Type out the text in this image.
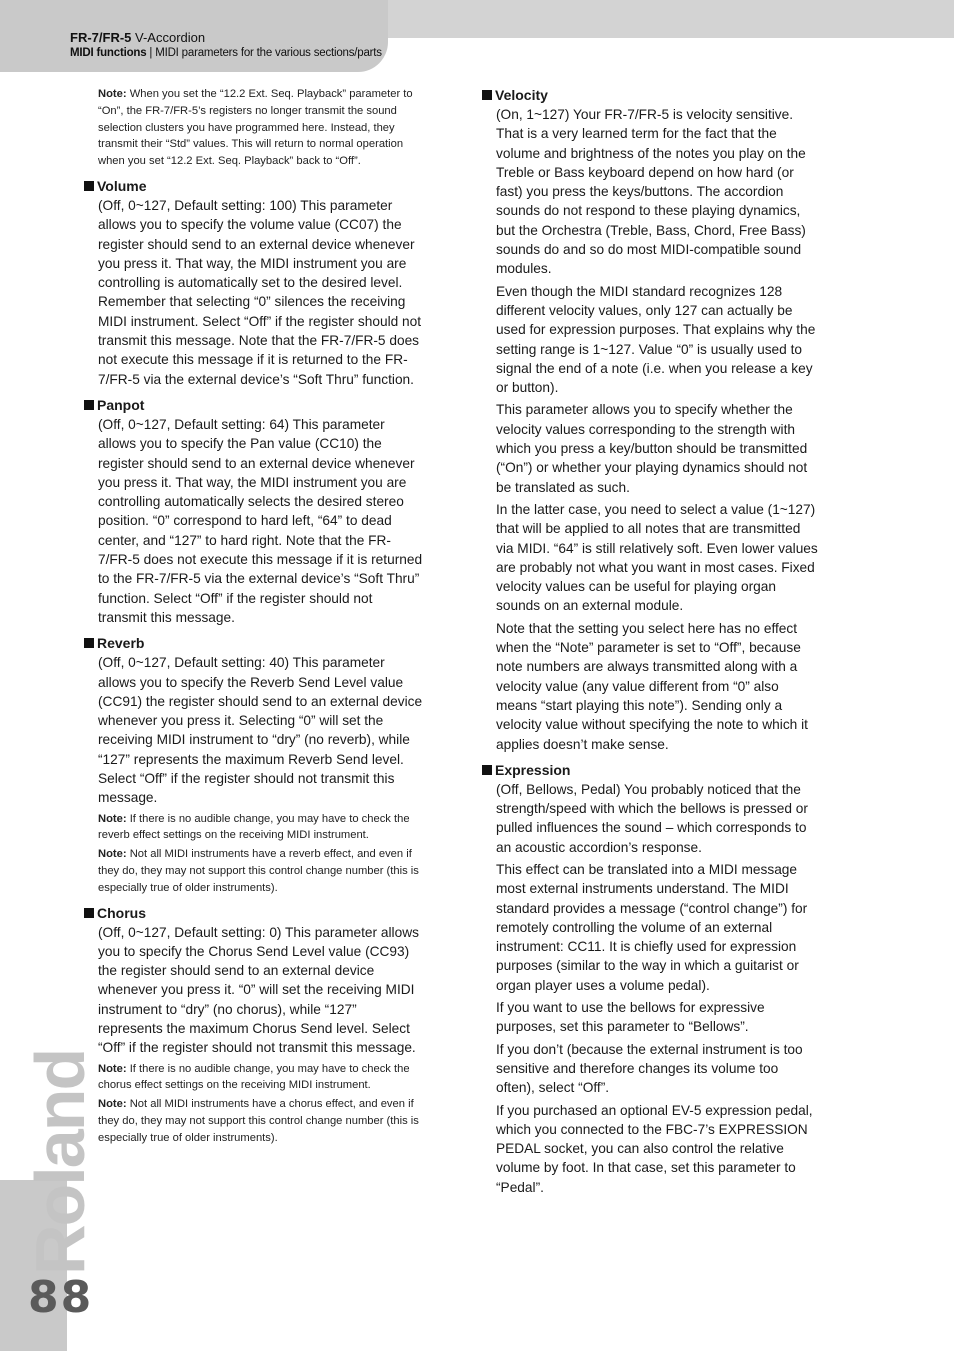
FR-7/FR-5 V-Accordion
MIDI functions | MIDI parameters for the various sections/parts
Roland
88

Note: When you set the “12.2 Ext. Seq. Playback” parameter to “On”, the FR-7/FR-5’s registers no longer transmit the sound selection clusters you have programmed here. Instead, they transmit their “Std” values. This will return to normal operation when you set “12.2 Ext. Seq. Playback” back to “Off”.

Volume

(Off, 0~127, Default setting: 100) This parameter allows you to specify the volume value (CC07) the register should send to an external device whenever you press it. That way, the MIDI instrument you are controlling is automatically set to the desired level. Remember that selecting “0” silences the receiving MIDI instrument. Select “Off” if the register should not transmit this message. Note that the FR-7/FR-5 does not execute this message if it is returned to the FR-7/FR-5 via the external device’s “Soft Thru” function.

Panpot

(Off, 0~127, Default setting: 64) This parameter allows you to specify the Pan value (CC10) the register should send to an external device whenever you press it. That way, the MIDI instrument you are controlling automatically selects the desired stereo position. “0” correspond to hard left, “64” to dead center, and “127” to hard right. Note that the FR-7/FR-5 does not execute this message if it is returned to the FR-7/FR-5 via the external device’s “Soft Thru” function. Select “Off” if the register should not transmit this message.

Reverb

(Off, 0~127, Default setting: 40) This parameter allows you to specify the Reverb Send Level value (CC91) the register should send to an external device whenever you press it. Selecting “0” will set the receiving MIDI instrument to “dry” (no reverb), while “127” represents the maximum Reverb Send level. Select “Off” if the register should not transmit this message.

Note: If there is no audible change, you may have to check the reverb effect settings on the receiving MIDI instrument.

Note: Not all MIDI instruments have a reverb effect, and even if they do, they may not support this control change number (this is especially true of older instruments).

Chorus

(Off, 0~127, Default setting: 0) This parameter allows you to specify the Chorus Send Level value (CC93) the register should send to an external device whenever you press it. “0” will set the receiving MIDI instrument to “dry” (no chorus), while “127” represents the maximum Chorus Send level. Select “Off” if the register should not transmit this message.

Note: If there is no audible change, you may have to check the chorus effect settings on the receiving MIDI instrument.

Note: Not all MIDI instruments have a chorus effect, and even if they do, they may not support this control change number (this is especially true of older instruments).

Velocity

(On, 1~127) Your FR-7/FR-5 is velocity sensitive. That is a very learned term for the fact that the volume and brightness of the notes you play on the Treble or Bass keyboard depend on how hard (or fast) you press the keys/buttons. The accordion sounds do not respond to these playing dynamics, but the Orchestra (Treble, Bass, Chord, Free Bass) sounds do and so do most MIDI-compatible sound modules.

Even though the MIDI standard recognizes 128 different velocity values, only 127 can actually be used for expression purposes. That explains why the setting range is 1~127. Value “0” is usually used to signal the end of a note (i.e. when you release a key or button).

This parameter allows you to specify whether the velocity values corresponding to the strength with which you press a key/button should be transmitted (“On”) or whether your playing dynamics should not be translated as such.

In the latter case, you need to select a value (1~127) that will be applied to all notes that are transmitted via MIDI. “64” is still relatively soft. Even lower values are probably not what you want in most cases. Fixed velocity values can be useful for playing organ sounds on an external module.

Note that the setting you select here has no effect when the “Note” parameter is set to “Off”, because note numbers are always transmitted along with a velocity value (any value different from “0” also means “start playing this note”). Sending only a velocity value without specifying the note to which it applies doesn’t make sense.

Expression

(Off, Bellows, Pedal) You probably noticed that the strength/speed with which the bellows is pressed or pulled influences the sound – which corresponds to an acoustic accordion’s response.

This effect can be translated into a MIDI message most external instruments understand. The MIDI standard provides a message (“control change”) for remotely controlling the volume of an external instrument: CC11. It is chiefly used for expression purposes (similar to the way in which a guitarist or organ player uses a volume pedal).

If you want to use the bellows for expressive purposes, set this parameter to “Bellows”.

If you don’t (because the external instrument is too sensitive and therefore changes its volume too often), select “Off”.

If you purchased an optional EV-5 expression pedal, which you connected to the FBC-7’s EXPRESSION PEDAL socket, you can also control the relative volume by foot. In that case, set this parameter to “Pedal”.
